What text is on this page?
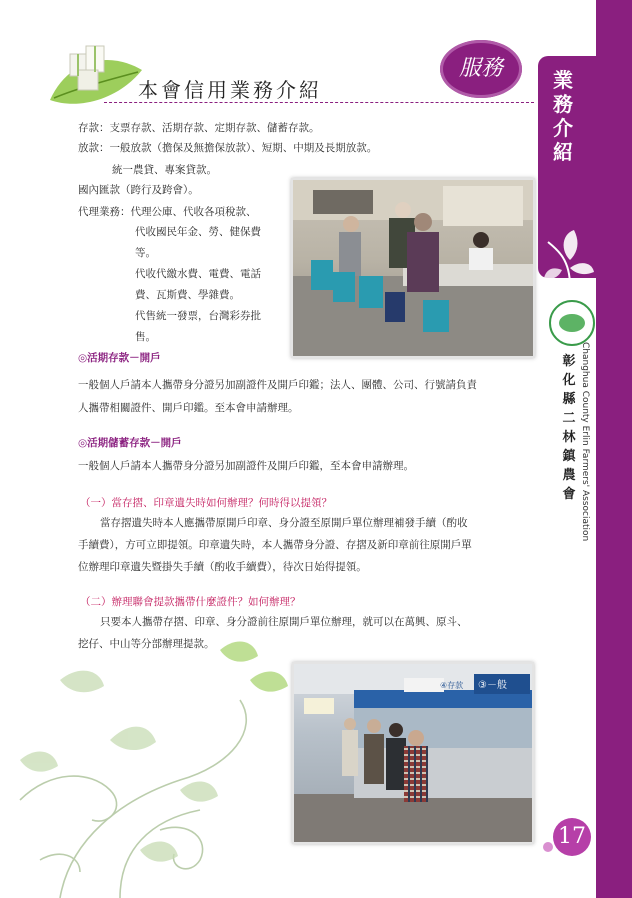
業務介紹
彰化縣二林鎮農會 Changhua County Erlin Farmers' Association
本會信用業務介紹
服務
存款：支票存款、活期存款、定期存款、儲蓄存款。
放款：一般放款（擔保及無擔保放款）、短期、中期及長期放款。
統一農貸、專案貸款。
國內匯款（跨行及跨會）。
代理業務：代理公庫、代收各項稅款、
代收國民年金、勞、健保費
等。
代收代繳水費、電費、電話
費、瓦斯費、學雜費。
代售統一發票，台灣彩券批
售。
◎活期存款－開戶
一般個人戶請本人攜帶身分證另加副證件及開戶印鑑；法人、團體、公司、行號請負責
人攜帶相關證件、開戶印鑑。至本會申請辦理。
◎活期儲蓄存款－開戶
一般個人戶請本人攜帶身分證另加副證件及開戶印鑑，至本會申請辦理。
（一）當存摺、印章遺失時如何辦理？何時得以提領？
當存摺遺失時本人應攜帶原開戶印章、身分證至原開戶單位辦理補發手續（酌收
手續費），方可立即提領。印章遺失時，本人攜帶身分證、存摺及新印章前往原開戶單
位辦理印章遺失暨掛失手續（酌收手續費），待次日始得提領。
（二）辦理聯會提款攜帶什麼證件？如何辦理？
只要本人攜帶存摺、印章、身分證前往原開戶單位辦理，就可以在萬興、原斗、
挖仔、中山等分部辦理提款。
③－般
④存款
17
